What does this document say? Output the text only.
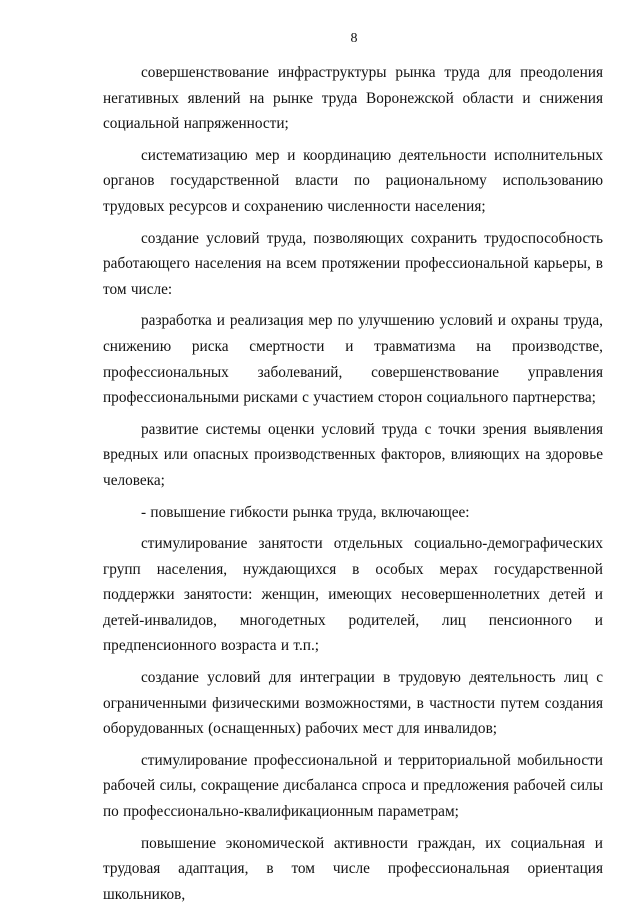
8

совершенствование инфраструктуры рынка труда для преодоления негативных явлений на рынке труда Воронежской области и снижения социальной напряженности;

систематизацию мер и координацию деятельности исполнительных органов государственной власти по рациональному использованию трудовых ресурсов и сохранению численности населения;

создание условий труда, позволяющих сохранить трудоспособность работающего населения на всем протяжении профессиональной карьеры, в том числе:

разработка и реализация мер по улучшению условий и охраны труда, снижению риска смертности и травматизма на производстве, профессиональных заболеваний, совершенствование управления профессиональными рисками с участием сторон социального партнерства;

развитие системы оценки условий труда с точки зрения выявления вредных или опасных производственных факторов, влияющих на здоровье человека;

- повышение гибкости рынка труда, включающее:

стимулирование занятости отдельных социально-демографических групп населения, нуждающихся в особых мерах государственной поддержки занятости: женщин, имеющих несовершеннолетних детей и детей-инвалидов, многодетных родителей, лиц пенсионного и предпенсионного возраста и т.п.;

создание условий для интеграции в трудовую деятельность лиц с ограниченными физическими возможностями, в частности путем создания оборудованных (оснащенных) рабочих мест для инвалидов;

стимулирование профессиональной и территориальной мобильности рабочей силы, сокращение дисбаланса спроса и предложения рабочей силы по профессионально-квалификационным параметрам;

повышение экономической активности граждан, их социальная и трудовая адаптация, в том числе профессиональная ориентация школьников,
